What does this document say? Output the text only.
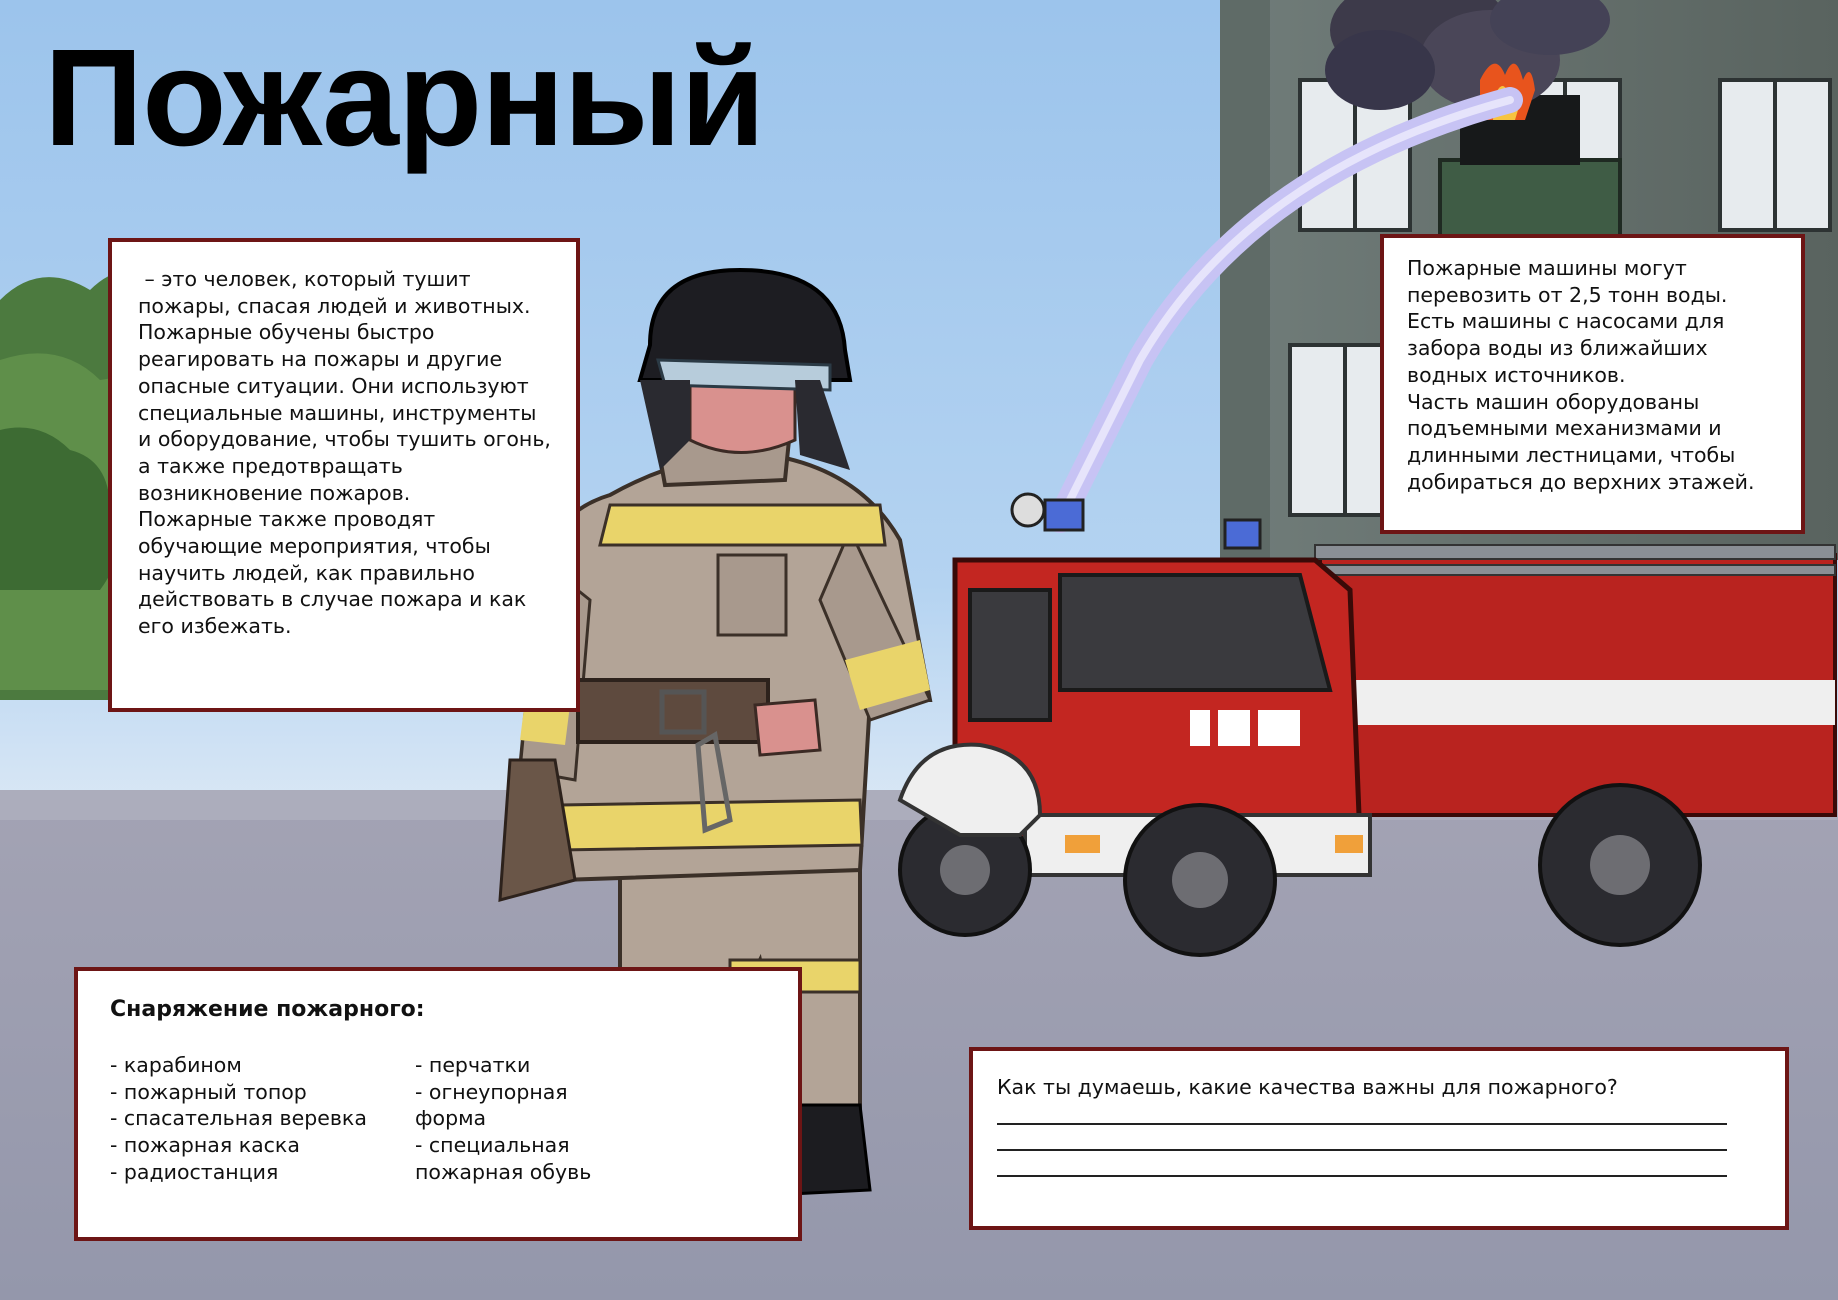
Пожарный

– это человек, который тушит
пожары, спасая людей и животных.
Пожарные обучены быстро
реагировать на пожары и другие
опасные ситуации. Они используют
специальные машины, инструменты
и оборудование, чтобы тушить огонь,
а также предотвращать
возникновение пожаров.
Пожарные также проводят
обучающие мероприятия, чтобы
научить людей, как правильно
действовать в случае пожара и как
его избежать.

Пожарные машины могут
перевозить от 2,5 тонн воды.
Есть машины с насосами для
забора воды из ближайших
водных источников.
Часть машин оборудованы
подъемными механизмами и
длинными лестницами, чтобы
добираться до верхних этажей.

Снаряжение пожарного:

- карабином
- пожарный топор
- спасательная веревка
- пожарная каска
- радиостанция
- перчатки
- огнеупорная
форма
- специальная
пожарная обувь

Как ты думаешь, какие качества важны для пожарного?
